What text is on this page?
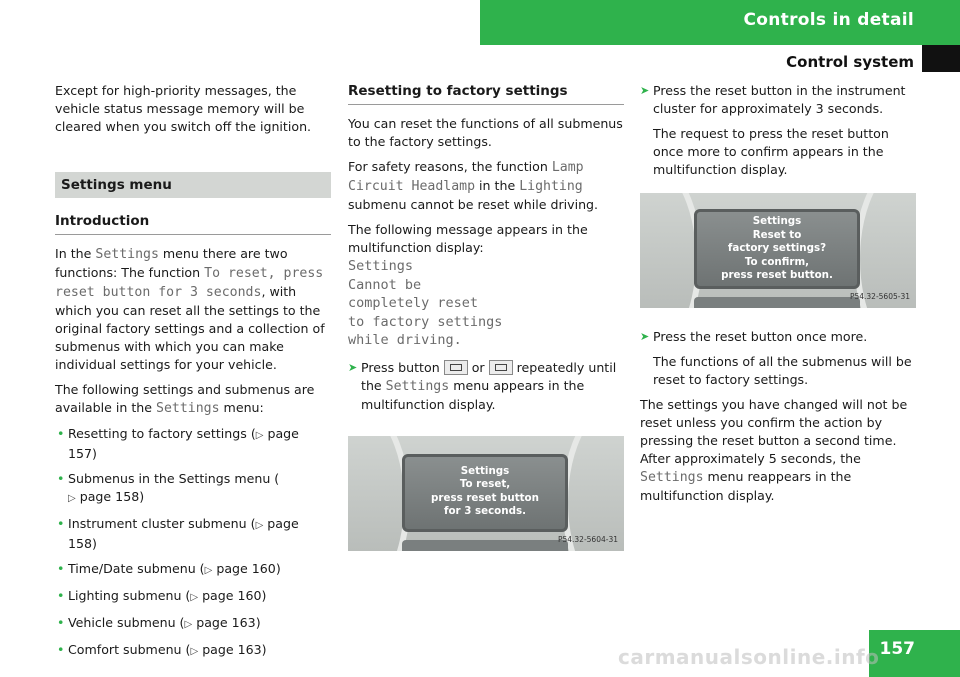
Controls in detail
Control system

Except for high-priority messages, the vehicle status message memory will be cleared when you switch off the ignition.

Settings menu
Introduction

In the Settings menu there are two functions: The function To reset, press reset button for 3 seconds, with which you can reset all the settings to the original factory settings and a collection of submenus with which you can make individual settings for your vehicle.

The following settings and submenus are available in the Settings menu:

• Resetting to factory settings (▷ page 157)
• Submenus in the Settings menu (
▷ page 158)
• Instrument cluster submenu (▷ page 158)
• Time/Date submenu (▷ page 160)
• Lighting submenu (▷ page 160)
• Vehicle submenu (▷ page 163)
• Comfort submenu (▷ page 163)
Resetting to factory settings

You can reset the functions of all submenus to the factory settings.

For safety reasons, the function Lamp Circuit Headlamp in the Lighting submenu cannot be reset while driving.

The following message appears in the multifunction display:

Settings
Cannot be
completely reset
to factory settings
while driving.
➤ Press button  or  repeatedly until the Settings menu appears in the multifunction display.
Settings
To reset,
press reset button
for 3 seconds.
P54.32-5604-31
➤ Press the reset button in the instrument cluster for approximately 3 seconds.

The request to press the reset button once more to confirm appears in the multifunction display.

Settings
Reset to
factory settings?
To confirm,
press reset button.
P54.32-5605-31
➤ Press the reset button once more.

The functions of all the submenus will be reset to factory settings.

The settings you have changed will not be reset unless you confirm the action by pressing the reset button a second time. After approximately 5 seconds, the Settings menu reappears in the multifunction display.

157
carmanualsonline.info
